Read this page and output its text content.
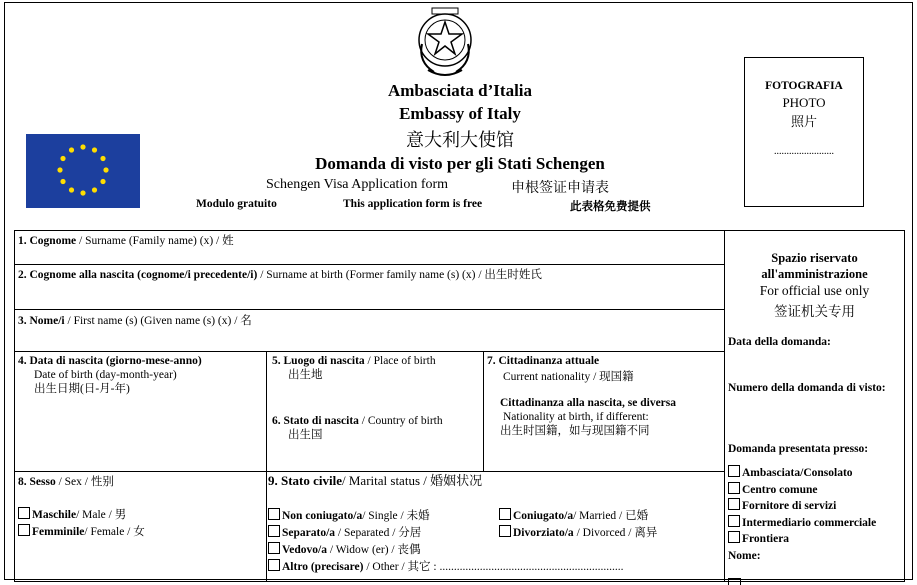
Ambasciata d’Italia
Embassy of Italy
意大利大使馆
Domanda di visto per gli Stati Schengen
Schengen Visa Application form	申根签证申请表
Modulo gratuito	This application form is free	此表格免费提供
FOTOGRAFIA
PHOTO
照片
........................
1. Cognome / Surname (Family name) (x) / 姓
2. Cognome alla nascita (cognome/i precedente/i) / Surname at birth (Former family name (s) (x) / 出生时姓氏
3. Nome/i / First name (s) (Given name (s) (x) / 名
4. Data di nascita (giorno-mese-anno)
Date of birth (day-month-year)
出生日期(日-月-年)
5. Luogo di nascita / Place of birth
出生地
6. Stato di nascita / Country of birth
出生国
7. Cittadinanza attuale
Current nationality / 现国籍
Cittadinanza alla nascita, se diversa
Nationality at birth, if different:
出生时国籍，如与现国籍不同
8. Sesso / Sex / 性别
Maschile/ Male / 男
Femminile/ Female / 女
9. Stato civile/ Marital status / 婚姻状况
Non coniugato/a/ Single / 未婚	Coniugato/a/ Married / 已婚
Separato/a / Separated / 分居	Divorziato/a / Divorced / 离异
Vedovo/a / Widow (er) / 丧偶
Altro (precisare) / Other / 其它 : ................................................................
Spazio riservato all'amministrazione
For official use only
签证机关专用
Data della domanda:
Numero della domanda di visto:
Domanda presentata presso:
Ambasciata/Consolato
Centro comune
Fornitore di servizi
Intermediario commerciale
Frontiera
Nome:
